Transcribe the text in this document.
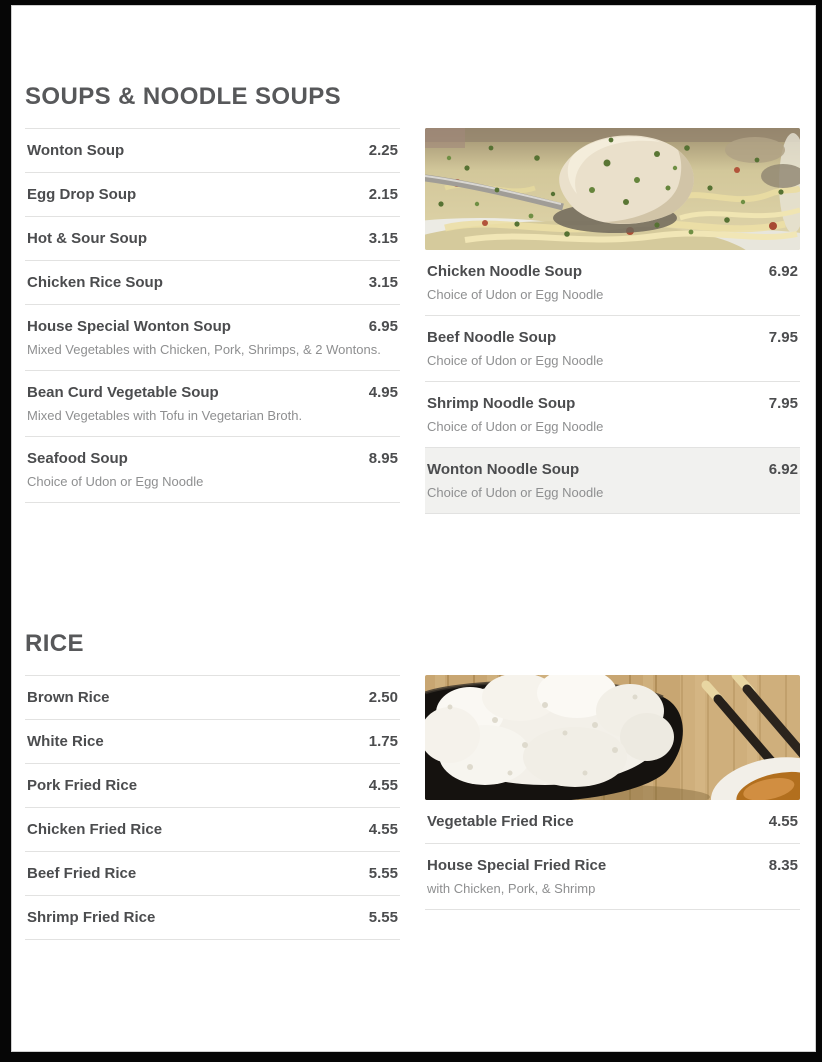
SOUPS & NOODLE SOUPS
Wonton Soup	2.25
Egg Drop Soup	2.15
Hot & Sour Soup	3.15
Chicken Rice Soup	3.15
House Special Wonton Soup	6.95
Mixed Vegetables with Chicken, Pork, Shrimps, & 2 Wontons.
Bean Curd Vegetable Soup	4.95
Mixed Vegetables with Tofu in Vegetarian Broth.
Seafood Soup	8.95
Choice of Udon or Egg Noodle
Chicken Noodle Soup	6.92
Choice of Udon or Egg Noodle
Beef Noodle Soup	7.95
Choice of Udon or Egg Noodle
Shrimp Noodle Soup	7.95
Choice of Udon or Egg Noodle
Wonton Noodle Soup	6.92
Choice of Udon or Egg Noodle
RICE
Brown Rice	2.50
White Rice	1.75
Pork Fried Rice	4.55
Chicken Fried Rice	4.55
Beef Fried Rice	5.55
Shrimp Fried Rice	5.55
Vegetable Fried Rice	4.55
House Special Fried Rice	8.35
with Chicken, Pork, & Shrimp
